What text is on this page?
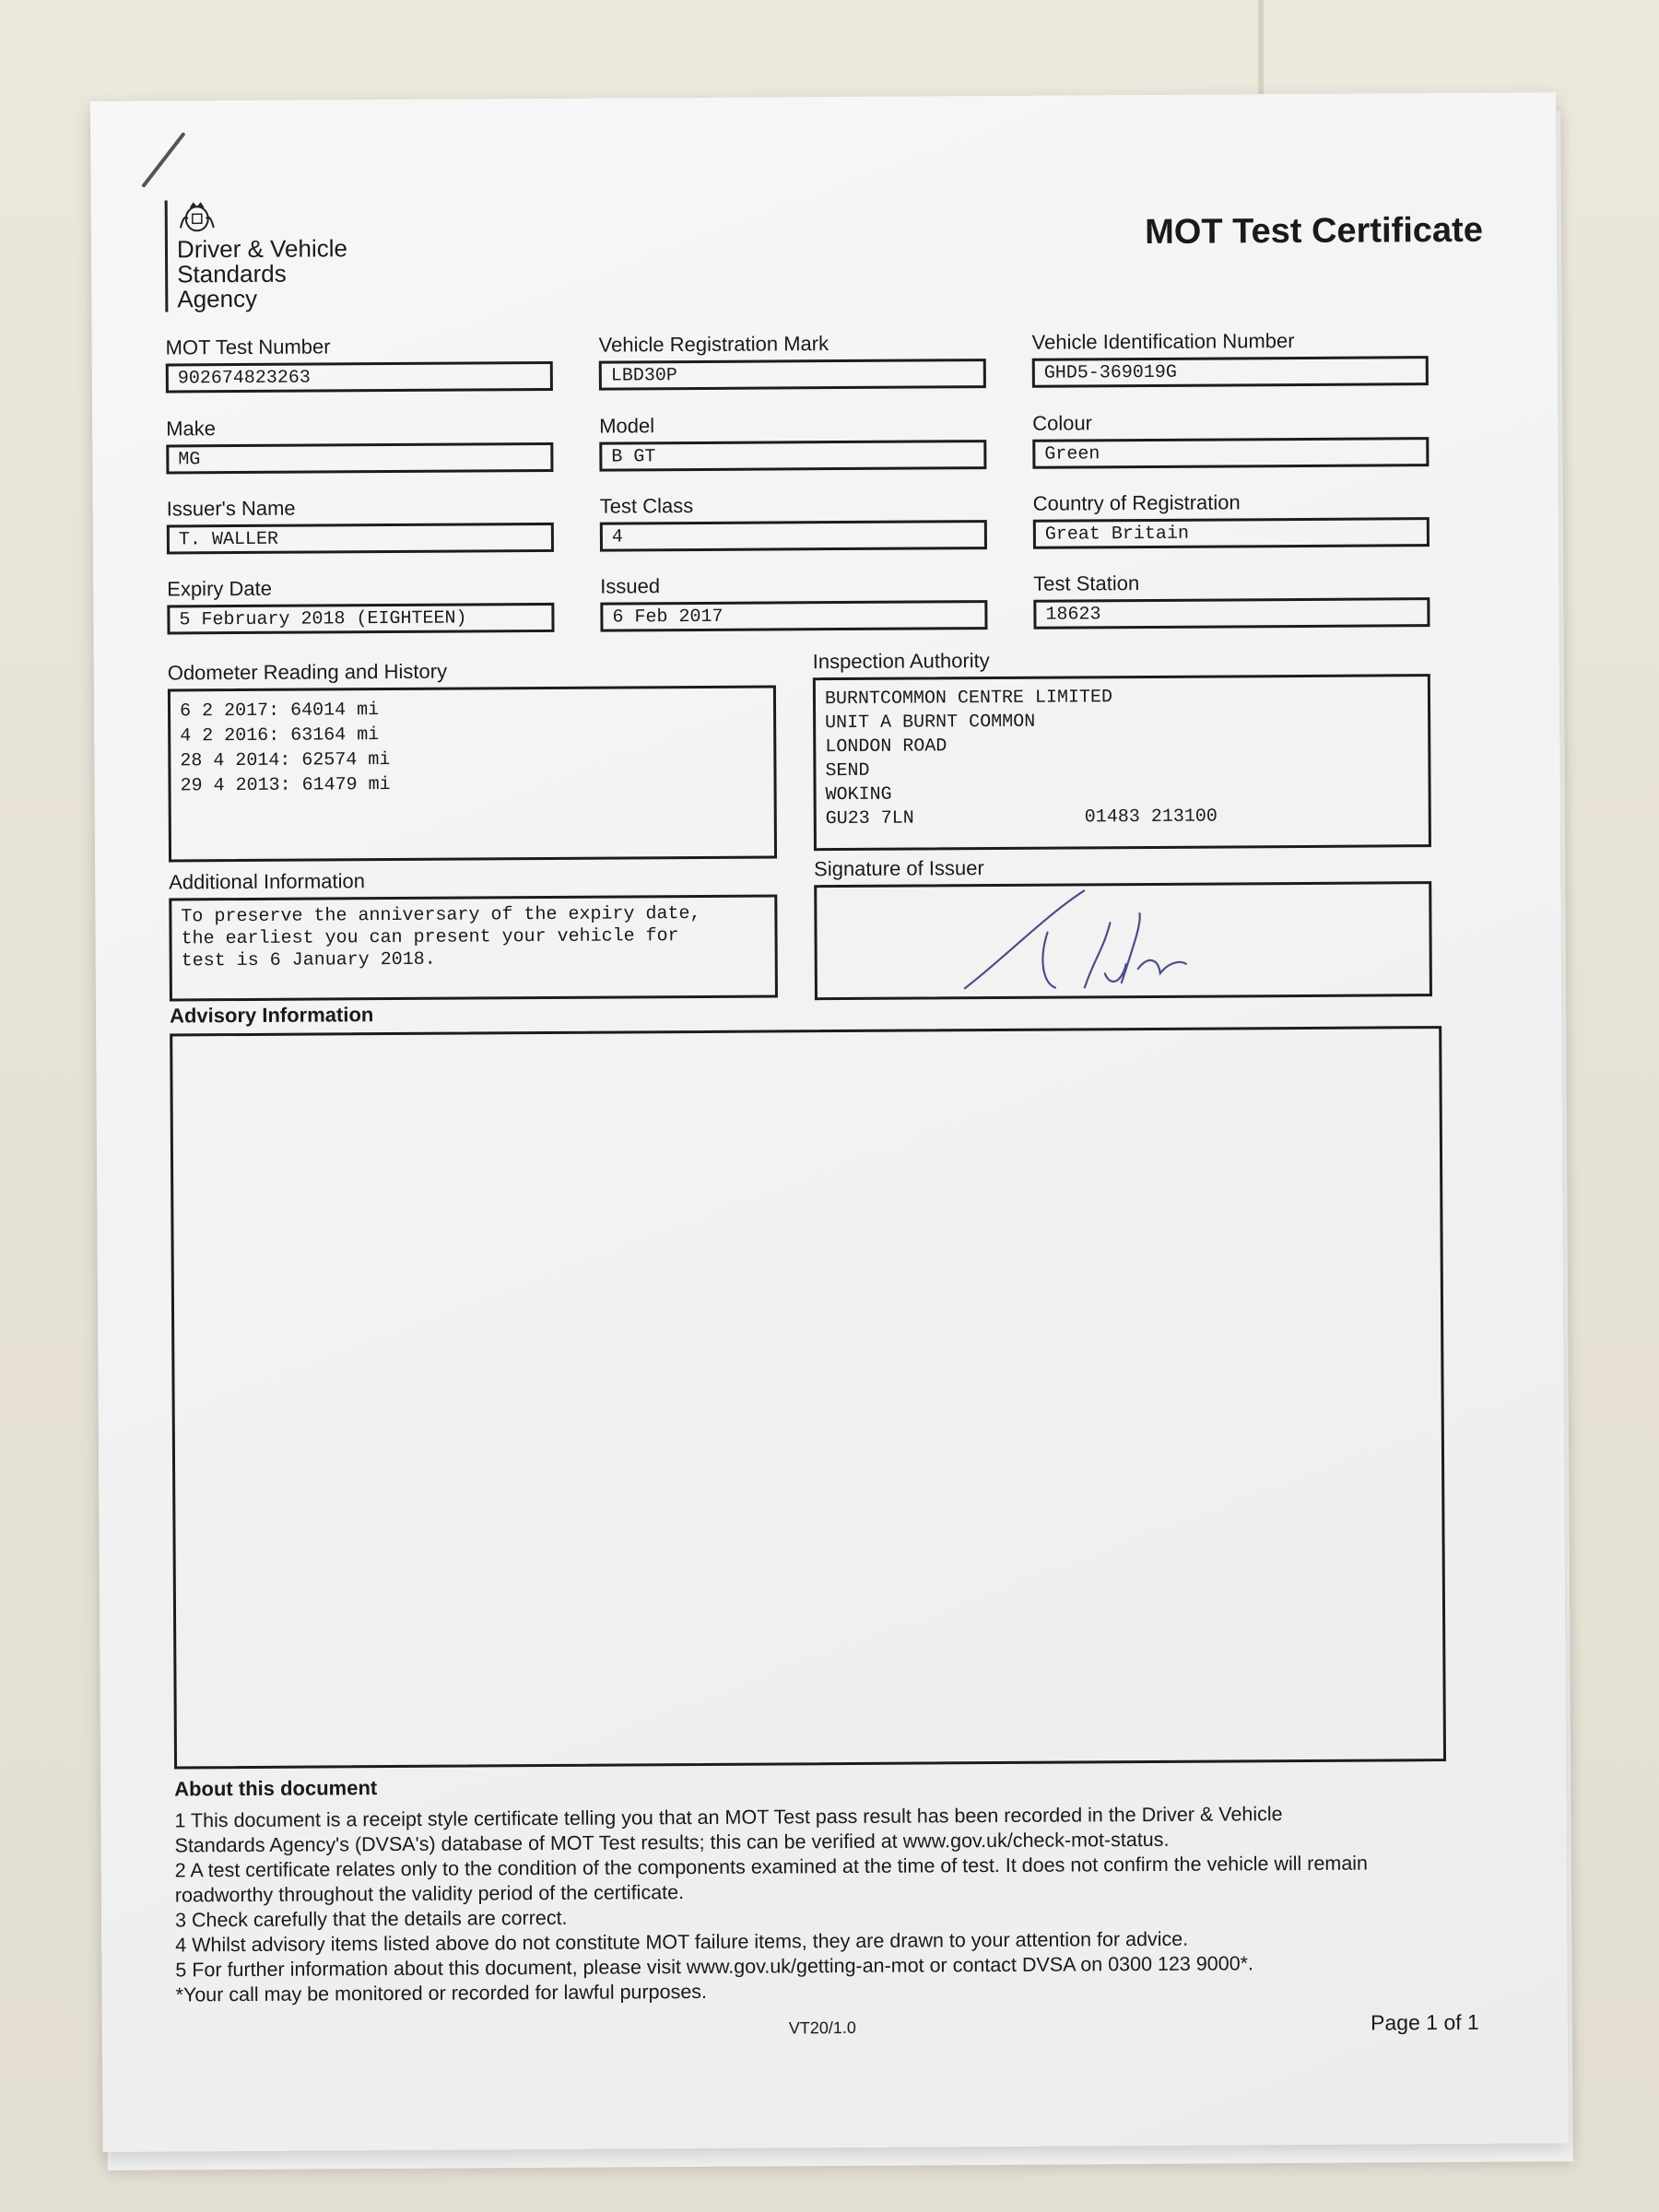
Driver & Vehicle
Standards
Agency
MOT Test Certificate
MOT Test Number
902674823263
Vehicle Registration Mark
LBD30P
Vehicle Identification Number
GHD5-369019G
Make
MG
Model
B GT
Colour
Green
Issuer's Name
T. WALLER
Test Class
4
Country of Registration
Great Britain
Expiry Date
5 February 2018 (EIGHTEEN)
Issued
6 Feb 2017
Test Station
18623
Odometer Reading and History
6 2 2017: 64014 mi
4 2 2016: 63164 mi
28 4 2014: 62574 mi
29 4 2013: 61479 mi
Inspection Authority
BURNTCOMMON CENTRE LIMITED
UNIT A BURNT COMMON
LONDON ROAD
SEND
WOKING
GU23 7LN	01483 213100
Additional Information
To preserve the anniversary of the expiry date,
the earliest you can present your vehicle for
test is 6 January 2018.
Signature of Issuer
Advisory Information
About this document
1 This document is a receipt style certificate telling you that an MOT Test pass result has been recorded in the Driver & Vehicle
Standards Agency's (DVSA's) database of MOT Test results; this can be verified at www.gov.uk/check-mot-status.
2 A test certificate relates only to the condition of the components examined at the time of test. It does not confirm the vehicle will remain
roadworthy throughout the validity period of the certificate.
3 Check carefully that the details are correct.
4 Whilst advisory items listed above do not constitute MOT failure items, they are drawn to your attention for advice.
5 For further information about this document, please visit www.gov.uk/getting-an-mot or contact DVSA on 0300 123 9000*.
*Your call may be monitored or recorded for lawful purposes.
VT20/1.0	Page 1 of 1
